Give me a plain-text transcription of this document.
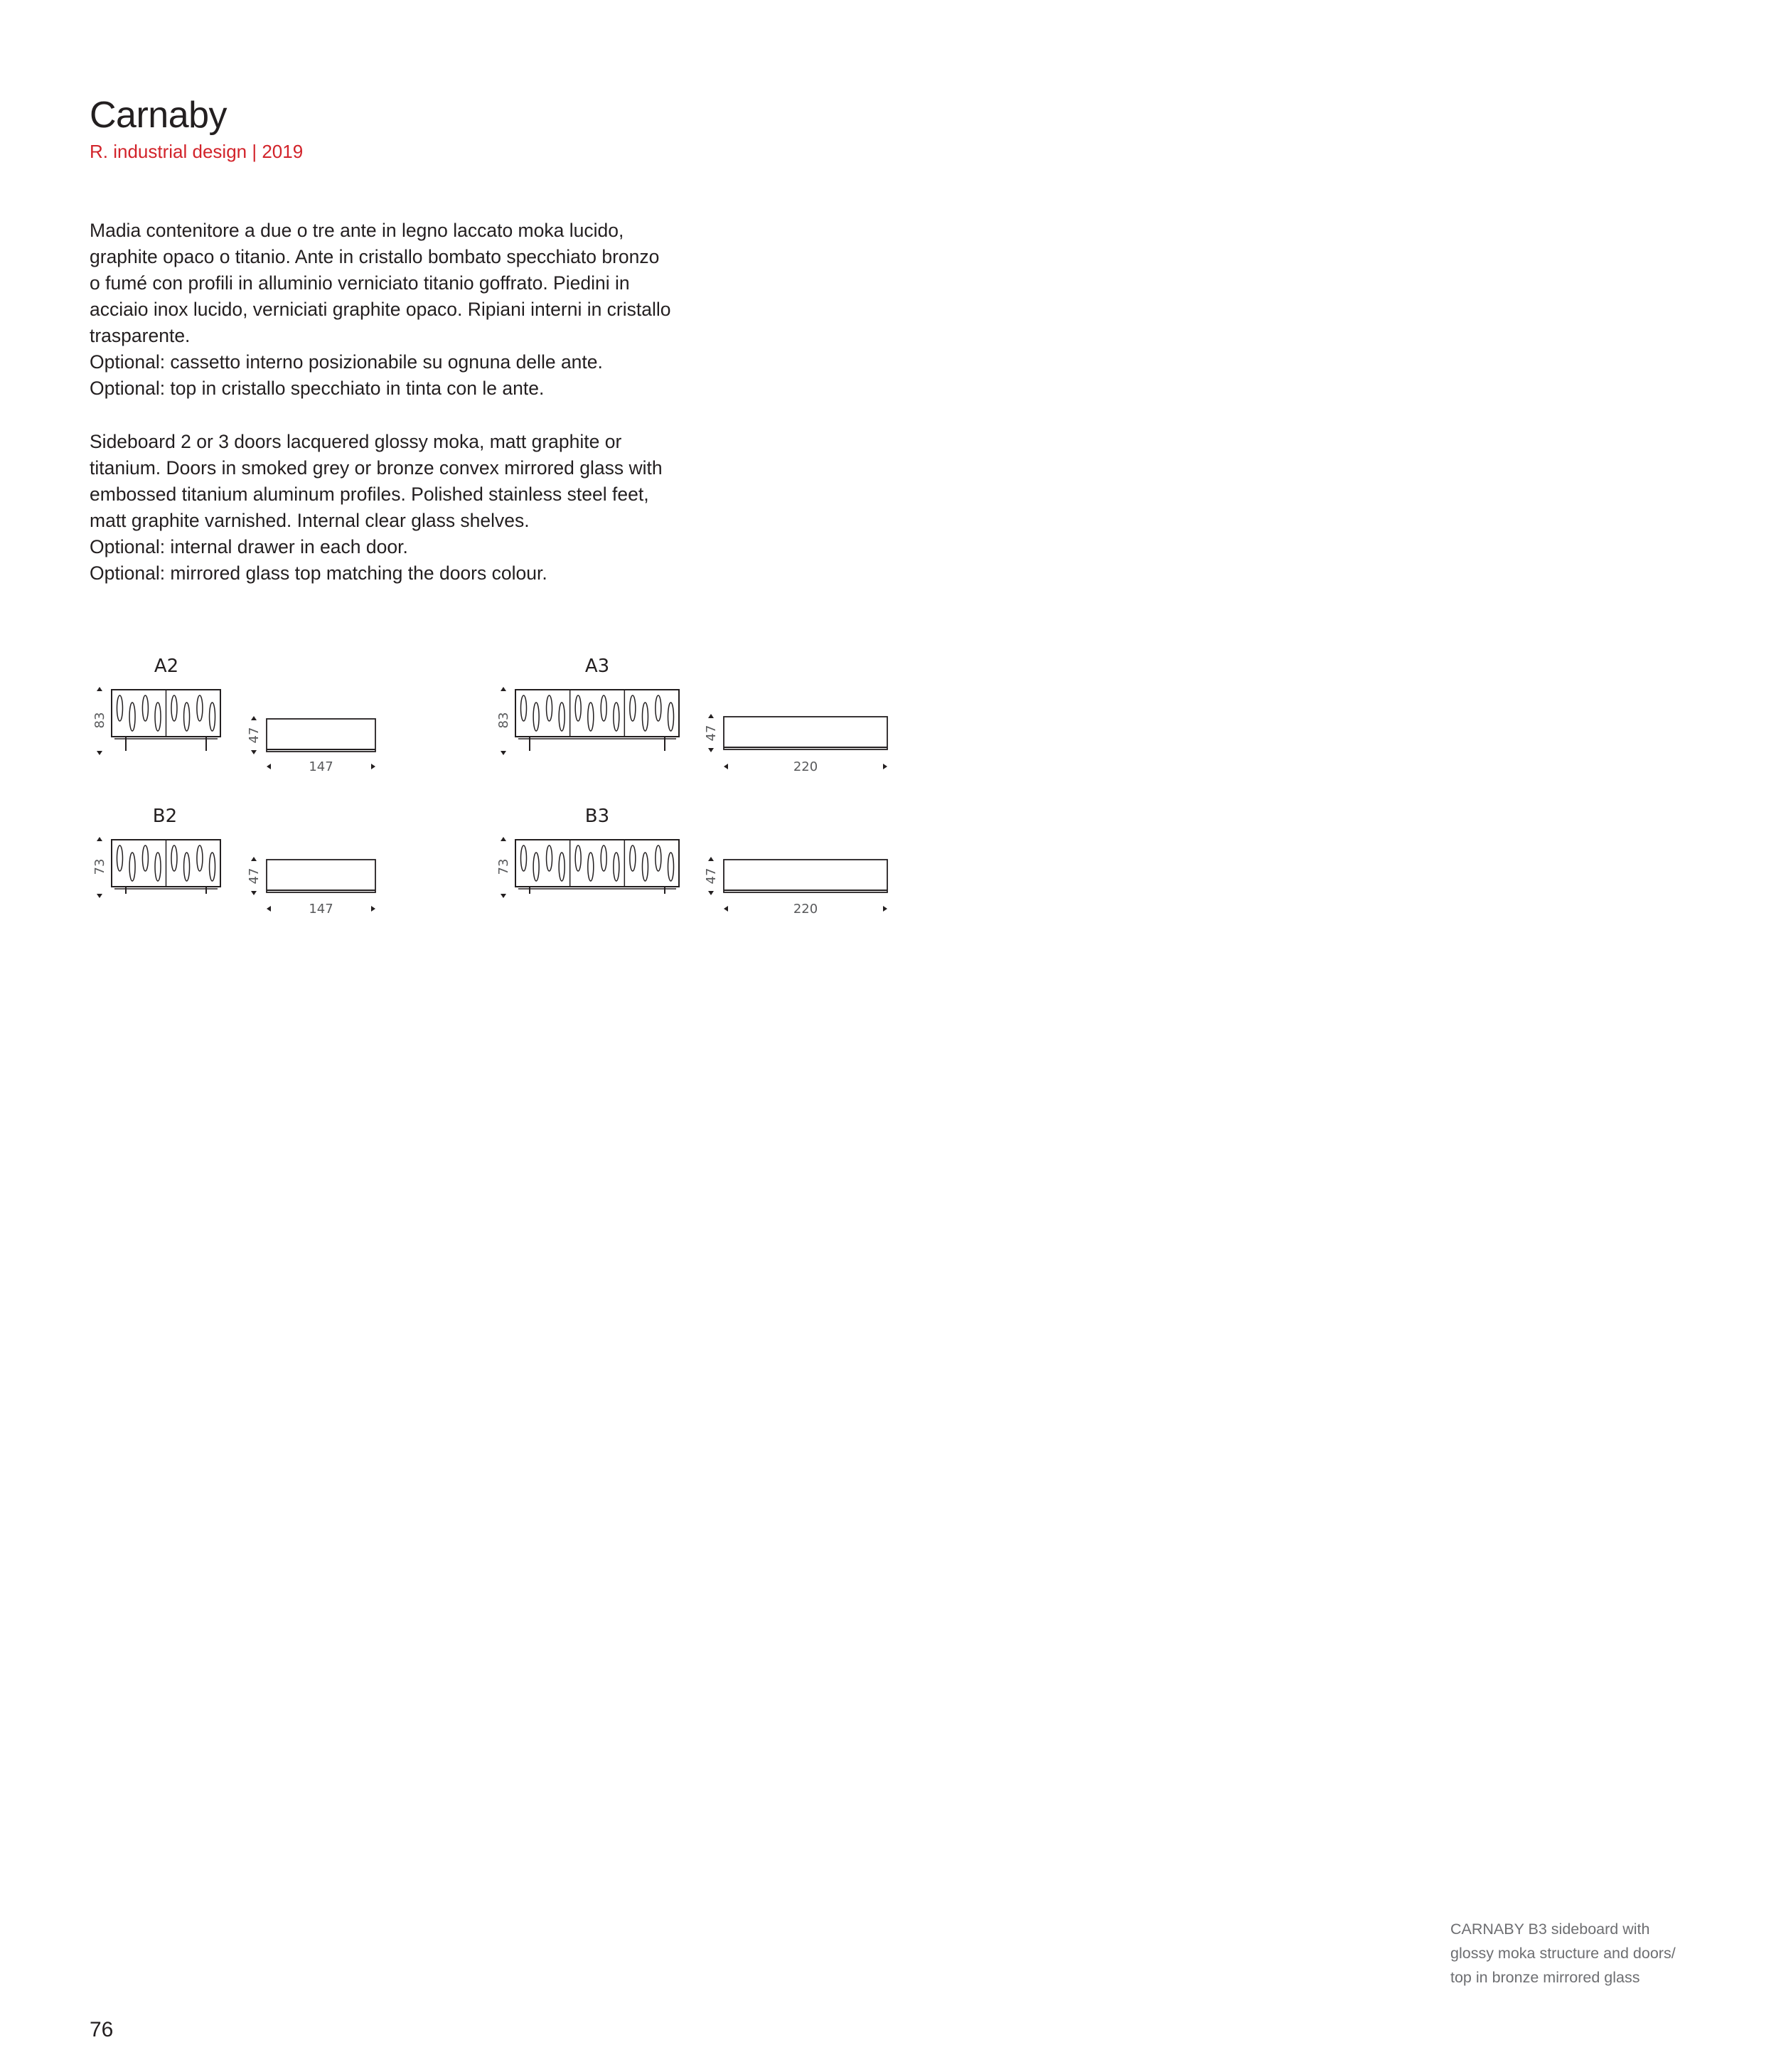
Carnaby
R. industrial design | 2019
Madia contenitore a due o tre ante in legno laccato moka lucido,
graphite opaco o titanio. Ante in cristallo bombato specchiato bronzo
o fumé con profili in alluminio verniciato titanio goffrato. Piedini in
acciaio inox lucido, verniciati graphite opaco. Ripiani interni in cristallo
trasparente.
Optional: cassetto interno posizionabile su ognuna delle ante.
Optional: top in cristallo specchiato in tinta con le ante.
Sideboard 2 or 3 doors lacquered glossy moka, matt graphite or
titanium. Doors in smoked grey or bronze convex mirrored glass with
embossed titanium aluminum profiles. Polished stainless steel feet,
matt graphite varnished. Internal clear glass shelves.
Optional: internal drawer in each door.
Optional: mirrored glass top matching the doors colour.
A2
83
47
147
A3
83
47
220
B2
73
47
147
B3
73
47
220
CARNABY B3 sideboard with
glossy moka structure and doors/
top in bronze mirrored glass
76
